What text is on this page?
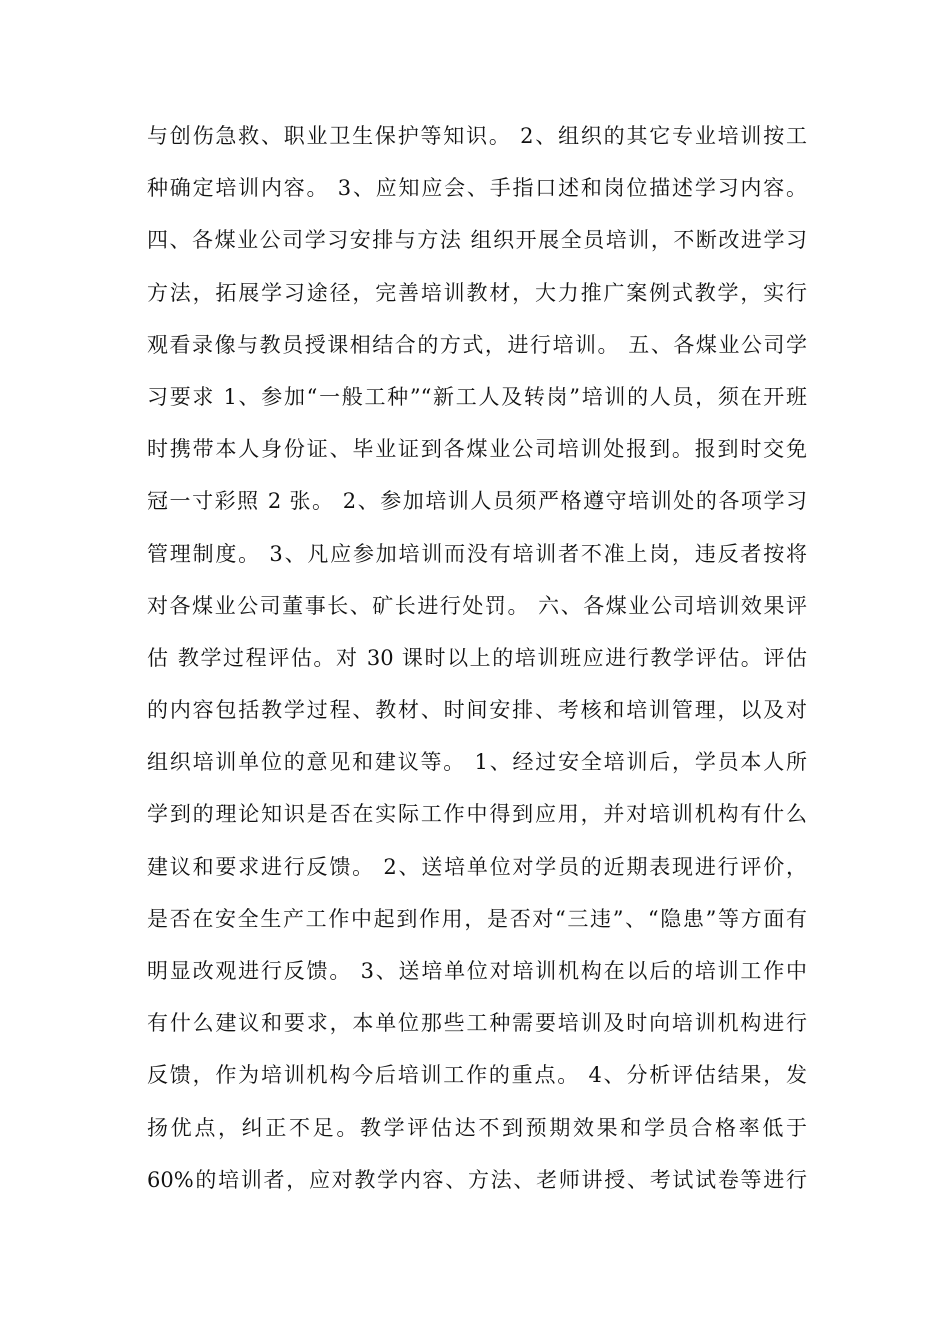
与创伤急救、职业卫生保护等知识。 2、组织的其它专业培训按工
种确定培训内容。 3、应知应会、手指口述和岗位描述学习内容。
四、各煤业公司学习安排与方法 组织开展全员培训，不断改进学习
方法，拓展学习途径，完善培训教材，大力推广案例式教学，实行
观看录像与教员授课相结合的方式，进行培训。 五、各煤业公司学
习要求 1、参加“一般工种”“新工人及转岗”培训的人员，须在开班
时携带本人身份证、毕业证到各煤业公司培训处报到。报到时交免
冠一寸彩照 2 张。 2、参加培训人员须严格遵守培训处的各项学习
管理制度。 3、凡应参加培训而没有培训者不准上岗，违反者按将
对各煤业公司董事长、矿长进行处罚。 六、各煤业公司培训效果评
估 教学过程评估。对 30 课时以上的培训班应进行教学评估。评估
的内容包括教学过程、教材、时间安排、考核和培训管理，以及对
组织培训单位的意见和建议等。 1、经过安全培训后，学员本人所
学到的理论知识是否在实际工作中得到应用，并对培训机构有什么
建议和要求进行反馈。 2、送培单位对学员的近期表现进行评价，
是否在安全生产工作中起到作用，是否对“三违”、“隐患”等方面有
明显改观进行反馈。 3、送培单位对培训机构在以后的培训工作中
有什么建议和要求，本单位那些工种需要培训及时向培训机构进行
反馈，作为培训机构今后培训工作的重点。 4、分析评估结果，发
扬优点，纠正不足。教学评估达不到预期效果和学员合格率低于
60%的培训者，应对教学内容、方法、老师讲授、考试试卷等进行
